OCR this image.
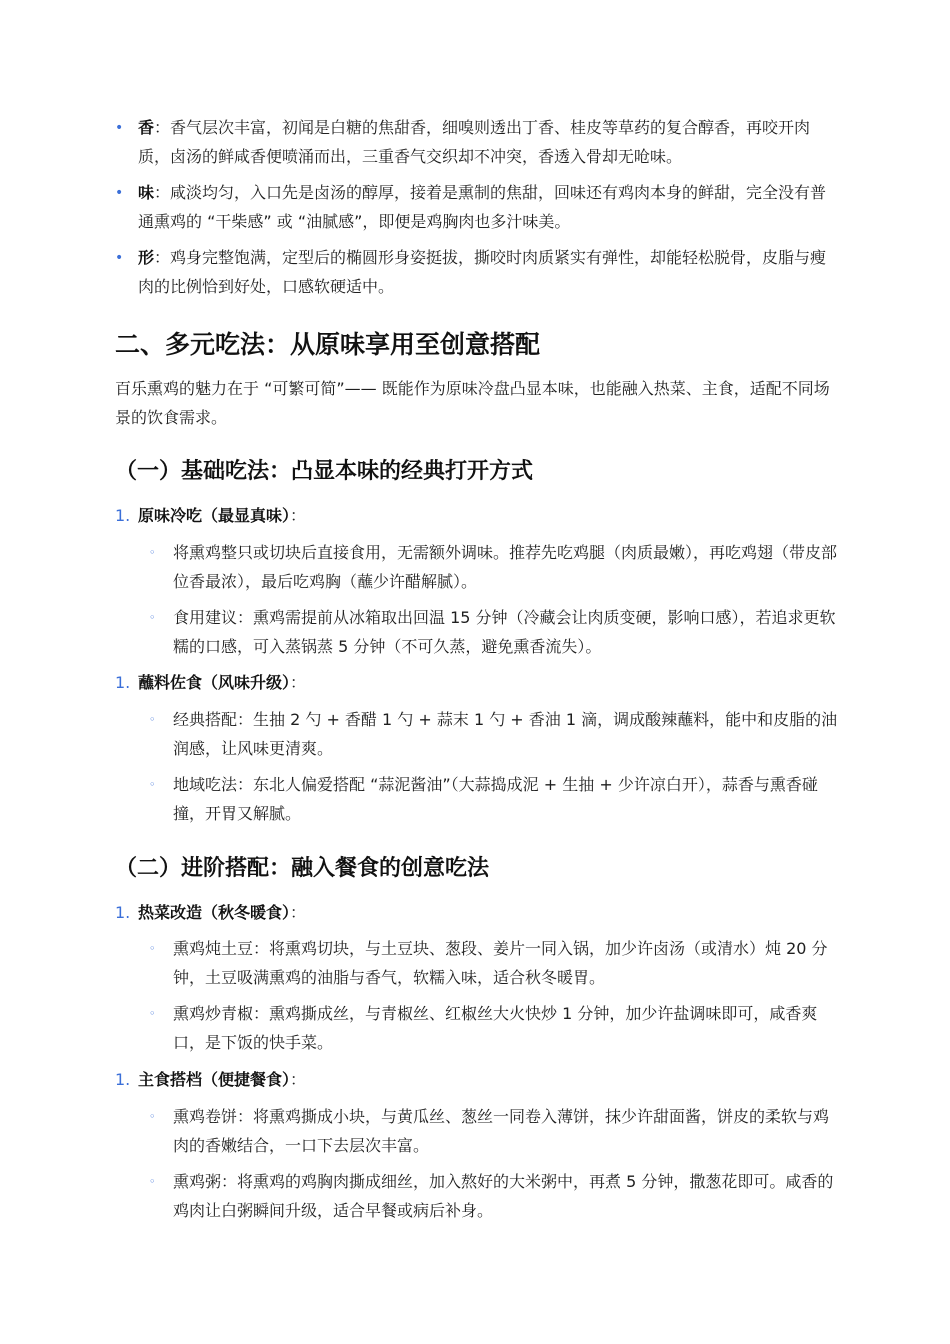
• 香：香气层次丰富，初闻是白糖的焦甜香，细嗅则透出丁香、桂皮等草药的复合醇香，再咬开肉质，卤汤的鲜咸香便喷涌而出，三重香气交织却不冲突，香透入骨却无呛味。
• 味：咸淡均匀，入口先是卤汤的醇厚，接着是熏制的焦甜，回味还有鸡肉本身的鲜甜，完全没有普通熏鸡的 “干柴感” 或 “油腻感”，即便是鸡胸肉也多汁味美。
• 形：鸡身完整饱满，定型后的椭圆形身姿挺拔，撕咬时肉质紧实有弹性，却能轻松脱骨，皮脂与瘦肉的比例恰到好处，口感软硬适中。
二、多元吃法：从原味享用至创意搭配

百乐熏鸡的魅力在于 “可繁可简”—— 既能作为原味冷盘凸显本味，也能融入热菜、主食，适配不同场景的饮食需求。

（一）基础吃法：凸显本味的经典打开方式
1. 原味冷吃（最显真味）：
◦ 将熏鸡整只或切块后直接食用，无需额外调味。推荐先吃鸡腿（肉质最嫩），再吃鸡翅（带皮部位香最浓），最后吃鸡胸（蘸少许醋解腻）。
◦ 食用建议：熏鸡需提前从冰箱取出回温 15 分钟（冷藏会让肉质变硬，影响口感），若追求更软糯的口感，可入蒸锅蒸 5 分钟（不可久蒸，避免熏香流失）。
1. 蘸料佐食（风味升级）：
◦ 经典搭配：生抽 2 勺 + 香醋 1 勺 + 蒜末 1 勺 + 香油 1 滴，调成酸辣蘸料，能中和皮脂的油润感，让风味更清爽。
◦ 地域吃法：东北人偏爱搭配 “蒜泥酱油”（大蒜捣成泥 + 生抽 + 少许凉白开），蒜香与熏香碰撞，开胃又解腻。
（二）进阶搭配：融入餐食的创意吃法
1. 热菜改造（秋冬暖食）：
◦ 熏鸡炖土豆：将熏鸡切块，与土豆块、葱段、姜片一同入锅，加少许卤汤（或清水）炖 20 分钟，土豆吸满熏鸡的油脂与香气，软糯入味，适合秋冬暖胃。
◦ 熏鸡炒青椒：熏鸡撕成丝，与青椒丝、红椒丝大火快炒 1 分钟，加少许盐调味即可，咸香爽口，是下饭的快手菜。
1. 主食搭档（便捷餐食）：
◦ 熏鸡卷饼：将熏鸡撕成小块，与黄瓜丝、葱丝一同卷入薄饼，抹少许甜面酱，饼皮的柔软与鸡肉的香嫩结合，一口下去层次丰富。
◦ 熏鸡粥：将熏鸡的鸡胸肉撕成细丝，加入熬好的大米粥中，再煮 5 分钟，撒葱花即可。咸香的鸡肉让白粥瞬间升级，适合早餐或病后补身。
